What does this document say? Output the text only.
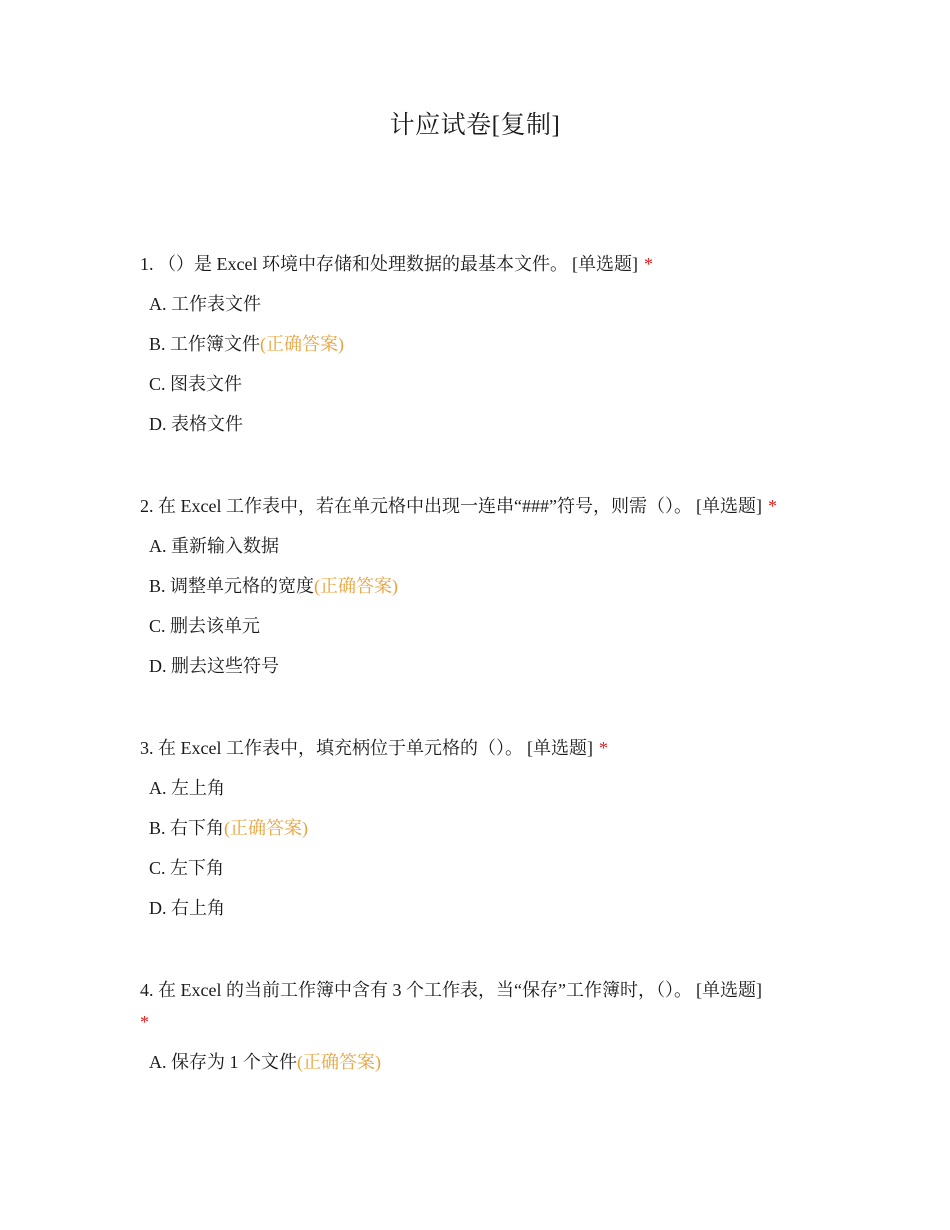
计应试卷[复制]

1. （）是 Excel 环境中存储和处理数据的最基本文件。 [单选题] *

A. 工作表文件
B. 工作簿文件(正确答案)
C. 图表文件
D. 表格文件

2. 在 Excel 工作表中，若在单元格中出现一连串“###”符号，则需（）。 [单选题] *

A. 重新输入数据
B. 调整单元格的宽度(正确答案)
C. 删去该单元
D. 删去这些符号

3. 在 Excel 工作表中，填充柄位于单元格的（）。 [单选题] *

A. 左上角
B. 右下角(正确答案)
C. 左下角
D. 右上角

4. 在 Excel 的当前工作簿中含有 3 个工作表，当“保存”工作簿时，（）。 [单选题]
*

A. 保存为 1 个文件(正确答案)
